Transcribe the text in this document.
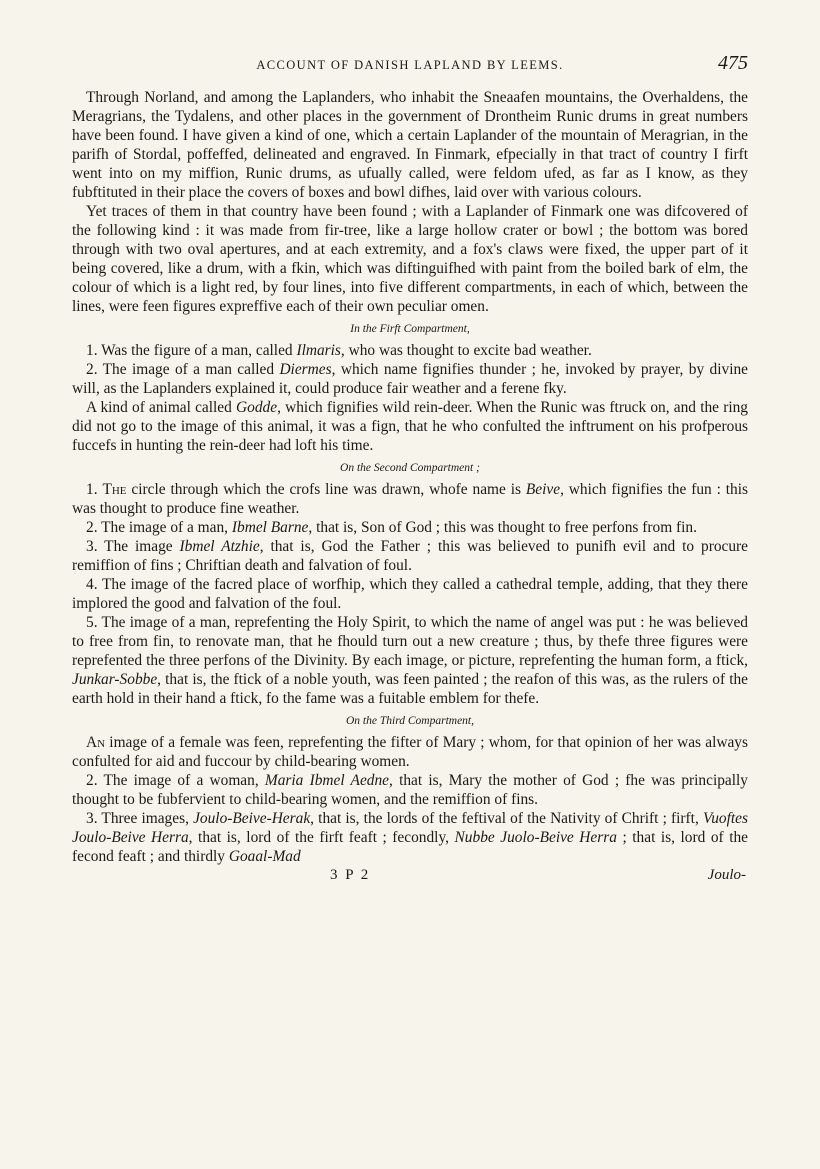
ACCOUNT OF DANISH LAPLAND BY LEEMS.	475

Through Norland, and among the Laplanders, who inhabit the Sneaafen mountains, the Overhaldens, the Meragrians, the Tydalens, and other places in the government of Drontheim Runic drums in great numbers have been found. I have given a kind of one, which a certain Laplander of the mountain of Meragrian, in the parifh of Stordal, poffeffed, delineated and engraved. In Finmark, efpecially in that tract of country I firft went into on my miffion, Runic drums, as ufually called, were feldom ufed, as far as I know, as they fubftituted in their place the covers of boxes and bowl difhes, laid over with various colours.

Yet traces of them in that country have been found ; with a Laplander of Finmark one was difcovered of the following kind : it was made from fir-tree, like a large hollow crater or bowl ; the bottom was bored through with two oval apertures, and at each extremity, and a fox's claws were fixed, the upper part of it being covered, like a drum, with a fkin, which was diftinguifhed with paint from the boiled bark of elm, the colour of which is a light red, by four lines, into five different compartments, in each of which, between the lines, were feen figures expreffive each of their own peculiar omen.

In the Firft Compartment,

1. Was the figure of a man, called Ilmaris, who was thought to excite bad weather.

2. The image of a man called Diermes, which name fignifies thunder ; he, invoked by prayer, by divine will, as the Laplanders explained it, could produce fair weather and a ferene fky.

A kind of animal called Godde, which fignifies wild rein-deer. When the Runic was ftruck on, and the ring did not go to the image of this animal, it was a fign, that he who confulted the inftrument on his profperous fuccefs in hunting the rein-deer had loft his time.

On the Second Compartment ;

1. The circle through which the crofs line was drawn, whofe name is Beive, which fignifies the fun : this was thought to produce fine weather.

2. The image of a man, Ibmel Barne, that is, Son of God ; this was thought to free perfons from fin.

3. The image Ibmel Atzhie, that is, God the Father ; this was believed to punifh evil and to procure remiffion of fins ; Chriftian death and falvation of foul.

4. The image of the facred place of worfhip, which they called a cathedral temple, adding, that they there implored the good and falvation of the foul.

5. The image of a man, reprefenting the Holy Spirit, to which the name of angel was put : he was believed to free from fin, to renovate man, that he fhould turn out a new creature ; thus, by thefe three figures were reprefented the three perfons of the Divinity. By each image, or picture, reprefenting the human form, a ftick, Junkar-Sobbe, that is, the ftick of a noble youth, was feen painted ; the reafon of this was, as the rulers of the earth hold in their hand a ftick, fo the fame was a fuitable emblem for thefe.

On the Third Compartment,

An image of a female was feen, reprefenting the fifter of Mary ; whom, for that opinion of her was always confulted for aid and fuccour by child-bearing women.

2. The image of a woman, Maria Ibmel Aedne, that is, Mary the mother of God ; fhe was principally thought to be fubfervient to child-bearing women, and the remiffion of fins.

3. Three images, Joulo-Beive-Herak, that is, the lords of the feftival of the Nativity of Chrift ; firft, Vuoftes Joulo-Beive Herra, that is, lord of the firft feaft ; fecondly, Nubbe Juolo-Beive Herra ; that is, lord of the fecond feaft ; and thirdly Goaal-Mad

3 P 2	Joulo-
